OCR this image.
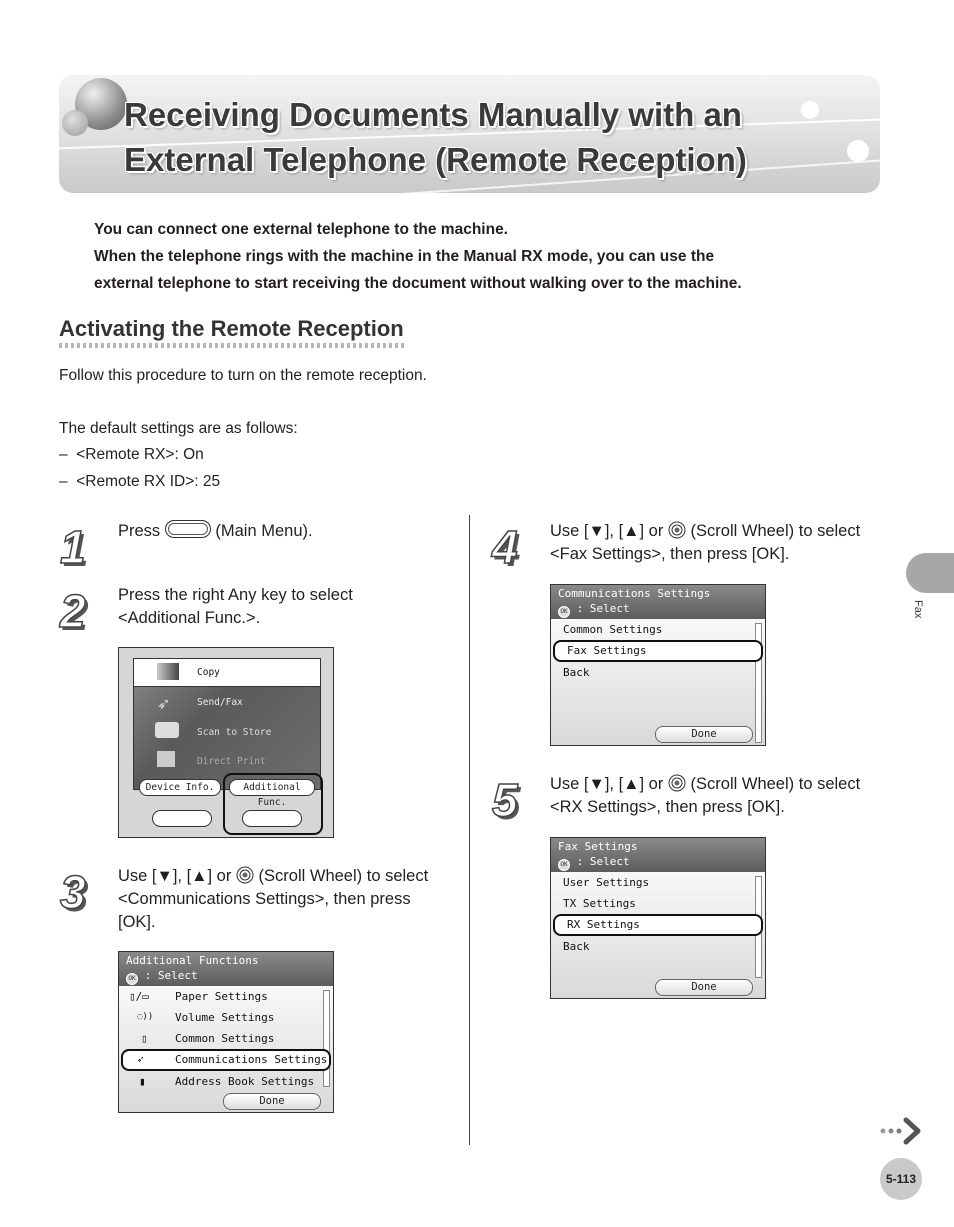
Receiving Documents Manually with an
External Telephone (Remote Reception)
You can connect one external telephone to the machine.
When the telephone rings with the machine in the Manual RX mode, you can use the
external telephone to start receiving the document without walking over to the machine.
Activating the Remote Reception
Follow this procedure to turn on the remote reception.
The default settings are as follows:
– <Remote RX>: On
– <Remote RX ID>: 25
1 Press	(Main Menu).
2 Press the right Any key to select
<Additional Func.>.
Copy
➶	Send/Fax
Scan to Store
Direct Print
Device Info.	Additional Func.
3 Use [▼], [▲] or (Scroll Wheel) to select
<Communications Settings>, then press
[OK].
Additional Functions
OK : Select
▯/▭ Paper Settings
◌)) Volume Settings
▯ Common Settings
➶	Communications Settings
▮	Address Book Settings
Done
4 Use [▼], [▲] or (Scroll Wheel) to select
<Fax Settings>, then press [OK].
Communications Settings
OK : Select
Common Settings
Fax Settings
Back
Done
5 Use [▼], [▲] or (Scroll Wheel) to select
<RX Settings>, then press [OK].
Fax Settings
OK : Select
User Settings
TX Settings
RX Settings
Back
Done
Fax
5-113
